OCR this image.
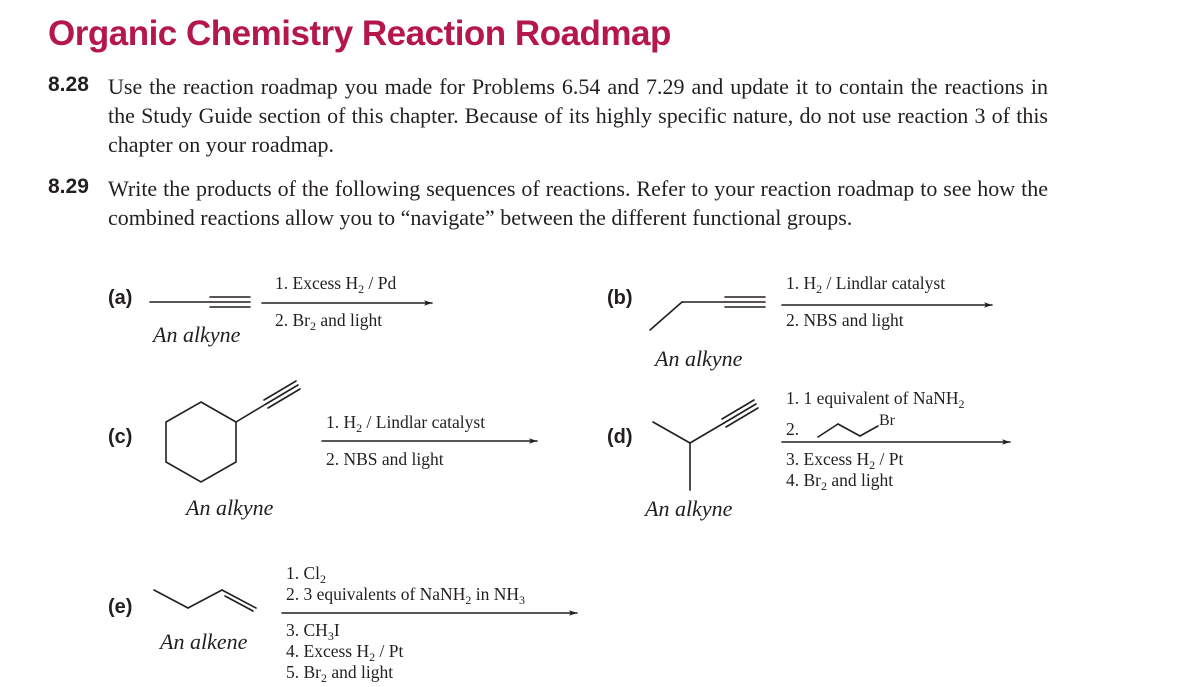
Organic Chemistry Reaction Roadmap
8.28 Use the reaction roadmap you made for Problems 6.54 and 7.29 and update it to contain the reactions in the Study Guide section of this chapter. Because of its highly specific nature, do not use reaction 3 of this chapter on your roadmap.
8.29 Write the products of the following sequences of reactions. Refer to your reaction roadmap to see how the combined reactions allow you to “navigate” between the different functional groups.
(a)	(b)
(c)	(d)
(e)
An alkyne
An alkyne
An alkyne	An alkyne
An alkene
1. Excess $H_2$ / Pd
2. $Br_2$ and light
1. $H_2$ / Lindlar catalyst
2. NBS and light
1. $H_2$ / Lindlar catalyst
2. NBS and light
1. 1 equivalent of NaNH$_2$
2.	Br
3. Excess $H_2$ / Pt
4. $Br_2$ and light
1. $Cl_2$
2. 3 equivalents of NaNH$_2$ in $NH_3$
3. $CH_3I$
4. Excess $H_2$ / Pt
5. $Br_2$ and light
